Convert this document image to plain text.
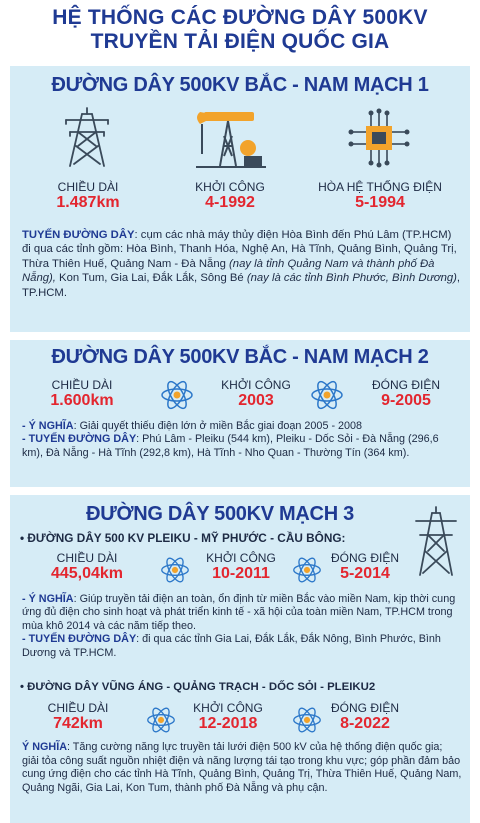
HỆ THỐNG CÁC ĐƯỜNG DÂY 500KV
TRUYỀN TẢI ĐIỆN QUỐC GIA
ĐƯỜNG DÂY 500KV BẮC - NAM MẠCH 1
CHIỀU DÀI
1.487km
KHỞI CÔNG
4-1992
HÒA HỆ THỐNG ĐIỆN
5-1994
TUYẾN ĐƯỜNG DÂY: cụm các nhà máy thủy điện Hòa Bình đến Phú Lâm (TP.HCM) đi qua các tỉnh gồm: Hòa Bình, Thanh Hóa, Nghệ An, Hà Tĩnh, Quảng Bình, Quảng Trị, Thừa Thiên Huế, Quảng Nam - Đà Nẵng (nay là tỉnh Quảng Nam và thành phố Đà Nẵng), Kon Tum, Gia Lai, Đắk Lắk, Sông Bé (nay là các tỉnh Bình Phước, Bình Dương), TP.HCM.
ĐƯỜNG DÂY 500KV BẮC - NAM MẠCH 2
CHIỀU DÀI
1.600km
KHỞI CÔNG
2003
ĐÓNG ĐIỆN
9-2005
- Ý NGHĨA: Giải quyết thiếu điện lớn ở miền Bắc giai đoạn 2005 - 2008
- TUYẾN ĐƯỜNG DÂY: Phú Lâm - Pleiku (544 km), Pleiku - Dốc Sỏi - Đà Nẵng (296,6 km), Đà Nẵng - Hà Tĩnh (292,8 km), Hà Tĩnh - Nho Quan - Thường Tín (364 km).
ĐƯỜNG DÂY 500KV MẠCH 3
• ĐƯỜNG DÂY 500 KV PLEIKU - MỸ PHƯỚC - CẦU BÔNG:
CHIỀU DÀI
445,04km
KHỞI CÔNG
10-2011
ĐÓNG ĐIỆN
5-2014
- Ý NGHĨA: Giúp truyền tải điện an toàn, ổn định từ miền Bắc vào miền Nam, kịp thời cung ứng đủ điện cho sinh hoạt và phát triển kinh tế - xã hội của toàn miền Nam, TP.HCM trong mùa khô 2014 và các năm tiếp theo.
- TUYẾN ĐƯỜNG DÂY: đi qua các tỉnh Gia Lai, Đắk Lắk, Đắk Nông, Bình Phước, Bình Dương và TP.HCM.
• ĐƯỜNG DÂY VŨNG ÁNG - QUẢNG TRẠCH - DỐC SỎI - PLEIKU2
CHIỀU DÀI
742km
KHỞI CÔNG
12-2018
ĐÓNG ĐIỆN
8-2022
Ý NGHĨA: Tăng cường năng lực truyền tải lưới điện 500 kV của hệ thống điện quốc gia; giải tỏa công suất nguồn nhiệt điện và năng lượng tái tạo trong khu vực; góp phần đảm bảo cung ứng điện cho các tỉnh Hà Tĩnh, Quảng Bình, Quảng Trị, Thừa Thiên Huế, Quảng Nam, Quảng Ngãi, Gia Lai, Kon Tum, thành phố Đà Nẵng và phụ cận.
